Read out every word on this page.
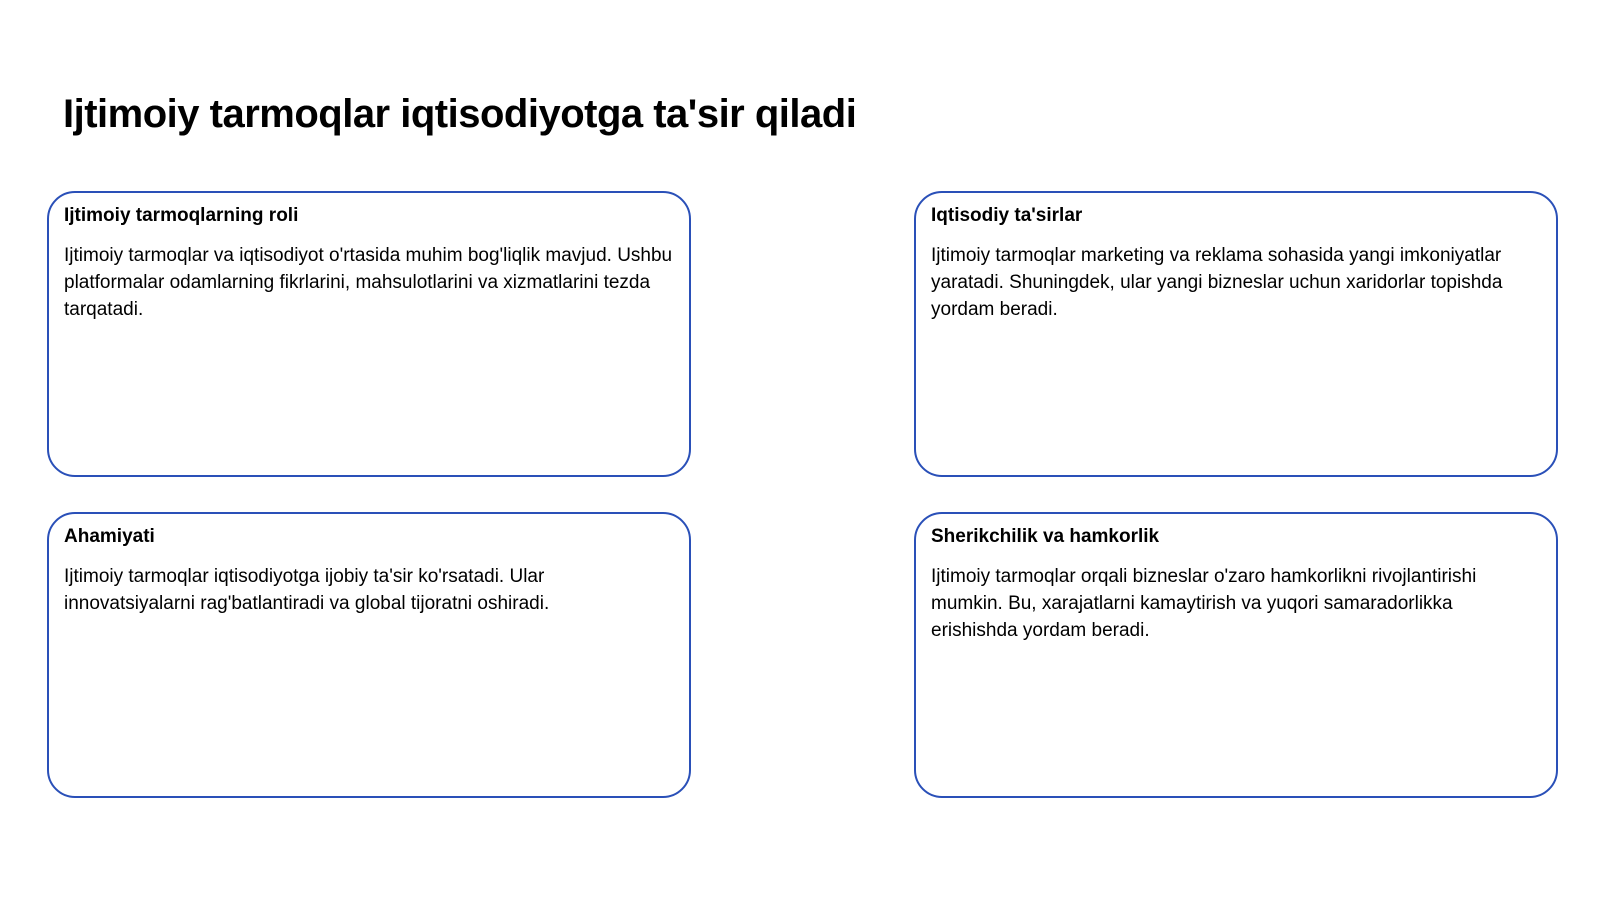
Ijtimoiy tarmoqlar iqtisodiyotga ta'sir qiladi
Ijtimoiy tarmoqlarning roli

Ijtimoiy tarmoqlar va iqtisodiyot o'rtasida muhim bog'liqlik mavjud. Ushbu platformalar odamlarning fikrlarini, mahsulotlarini va xizmatlarini tezda tarqatadi.

Iqtisodiy ta'sirlar

Ijtimoiy tarmoqlar marketing va reklama sohasida yangi imkoniyatlar yaratadi. Shuningdek, ular yangi bizneslar uchun xaridorlar topishda yordam beradi.

Ahamiyati

Ijtimoiy tarmoqlar iqtisodiyotga ijobiy ta'sir ko'rsatadi. Ular innovatsiyalarni rag'batlantiradi va global tijoratni oshiradi.

Sherikchilik va hamkorlik

Ijtimoiy tarmoqlar orqali bizneslar o'zaro hamkorlikni rivojlantirishi mumkin. Bu, xarajatlarni kamaytirish va yuqori samaradorlikka erishishda yordam beradi.
